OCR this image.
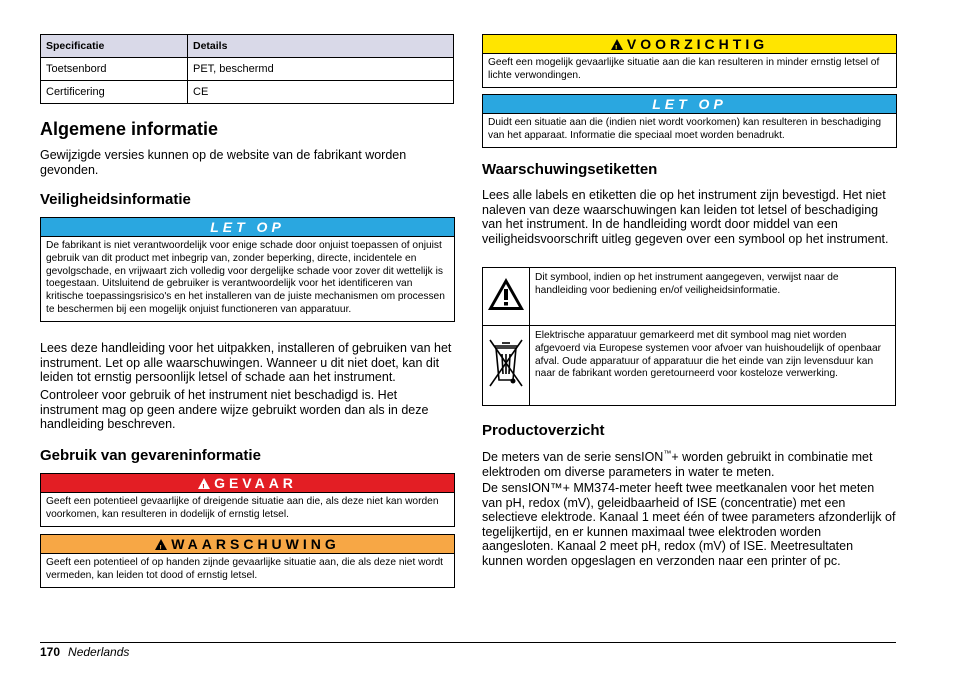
Specificatie	Details
Toetsenbord	PET, beschermd
Certificering	CE
Algemene informatie

Gewijzigde versies kunnen op de website van de fabrikant worden gevonden.

Veiligheidsinformatie
LET OP
De fabrikant is niet verantwoordelijk voor enige schade door onjuist toepassen of onjuist gebruik van dit product met inbegrip van, zonder beperking, directe, incidentele en gevolgschade, en vrijwaart zich volledig voor dergelijke schade voor zover dit wettelijk is toegestaan. Uitsluitend de gebruiker is verantwoordelijk voor het identificeren van kritische toepassingsrisico's en het installeren van de juiste mechanismen om processen te beschermen bij een mogelijk onjuist functioneren van apparatuur.

Lees deze handleiding voor het uitpakken, installeren of gebruiken van het instrument. Let op alle waarschuwingen. Wanneer u dit niet doet, kan dit leiden tot ernstig persoonlijk letsel of schade aan het instrument.

Controleer voor gebruik of het instrument niet beschadigd is. Het instrument mag op geen andere wijze gebruikt worden dan als in deze handleiding beschreven.

Gebruik van gevareninformatie
!GEVAAR
Geeft een potentieel gevaarlijke of dreigende situatie aan die, als deze niet kan worden voorkomen, kan resulteren in dodelijk of ernstig letsel.
!WAARSCHUWING
Geeft een potentieel of op handen zijnde gevaarlijke situatie aan, die als deze niet wordt vermeden, kan leiden tot dood of ernstig letsel.
!VOORZICHTIG
Geeft een mogelijk gevaarlijke situatie aan die kan resulteren in minder ernstig letsel of lichte verwondingen.
LET OP
Duidt een situatie aan die (indien niet wordt voorkomen) kan resulteren in beschadiging van het apparaat. Informatie die speciaal moet worden benadrukt.
Waarschuwingsetiketten

Lees alle labels en etiketten die op het instrument zijn bevestigd. Het niet naleven van deze waarschuwingen kan leiden tot letsel of beschadiging van het instrument. In de handleiding wordt door middel van een veiligheidsvoorschrift uitleg gegeven over een symbool op het instrument.

	Dit symbool, indien op het instrument aangegeven, verwijst naar de handleiding voor bediening en/of veiligheidsinformatie.
	Elektrische apparatuur gemarkeerd met dit symbool mag niet worden afgevoerd via Europese systemen voor afvoer van huishoudelijk of openbaar afval. Oude apparatuur of apparatuur die het einde van zijn levensduur kan naar de fabrikant worden geretourneerd voor kosteloze verwerking.
Productoverzicht

De meters van de serie sensION™+ worden gebruikt in combinatie met elektroden om diverse parameters in water te meten.

De sensION™+ MM374-meter heeft twee meetkanalen voor het meten van pH, redox (mV), geleidbaarheid of ISE (concentratie) met een selectieve elektrode. Kanaal 1 meet één of twee parameters afzonderlijk of tegelijkertijd, en er kunnen maximaal twee elektroden worden aangesloten. Kanaal 2 meet pH, redox (mV) of ISE. Meetresultaten kunnen worden opgeslagen en verzonden naar een printer of pc.

170 Nederlands
